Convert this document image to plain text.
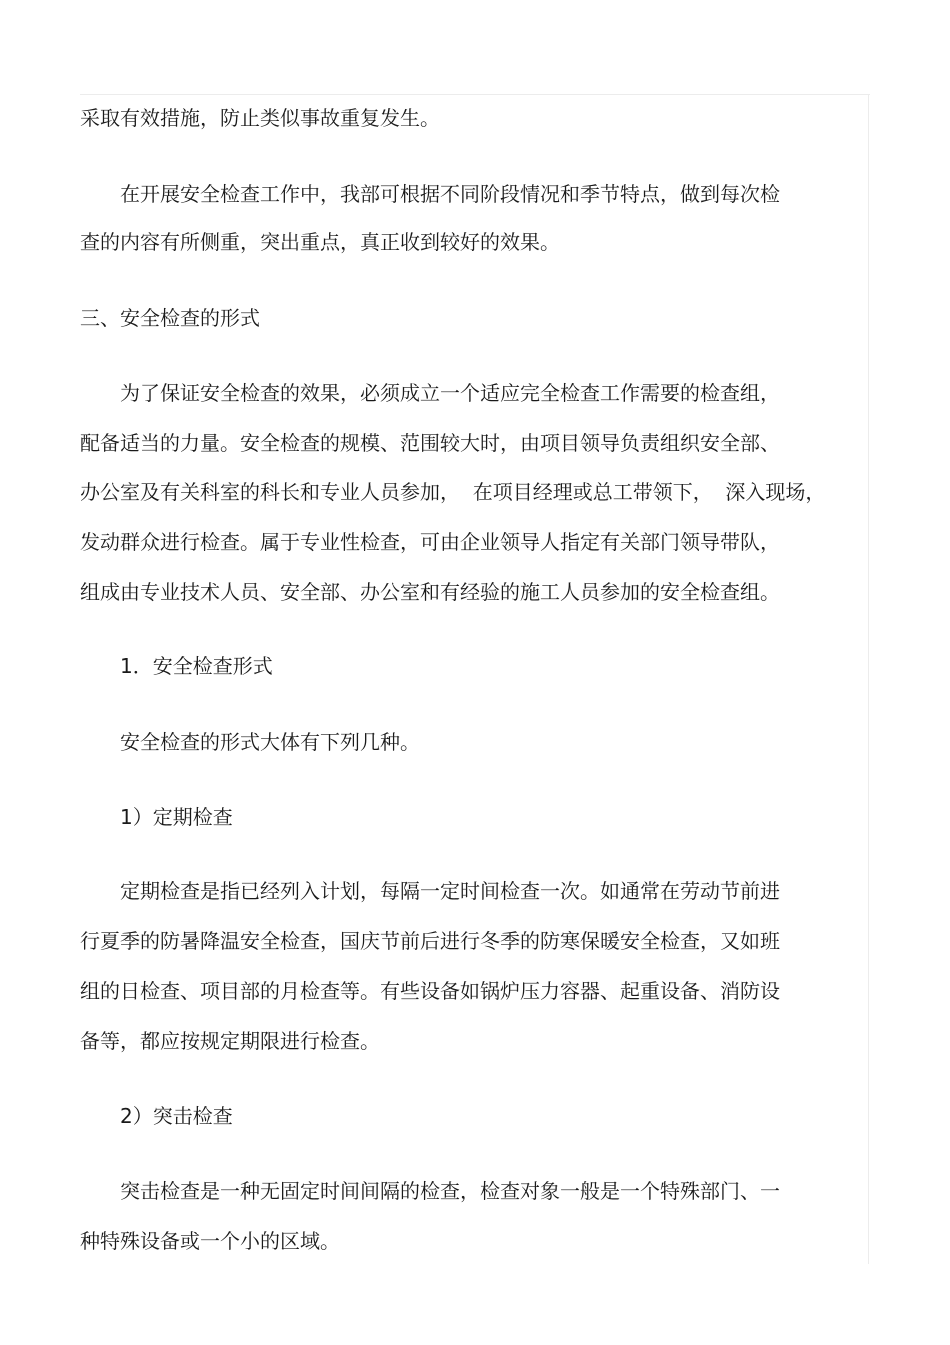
采取有效措施，防止类似事故重复发生。
在开展安全检查工作中，我部可根据不同阶段情况和季节特点，做到每次检
查的内容有所侧重，突出重点，真正收到较好的效果。
三、安全检查的形式
为了保证安全检查的效果，必须成立一个适应完全检查工作需要的检查组，
配备适当的力量。安全检查的规模、范围较大时，由项目领导负责组织安全部、
办公室及有关科室的科长和专业人员参加，  在项目经理或总工带领下，  深入现场，
发动群众进行检查。属于专业性检查，可由企业领导人指定有关部门领导带队，
组成由专业技术人员、安全部、办公室和有经验的施工人员参加的安全检查组。
1．安全检查形式
安全检查的形式大体有下列几种。
1）定期检查
定期检查是指已经列入计划，每隔一定时间检查一次。如通常在劳动节前进
行夏季的防暑降温安全检查，国庆节前后进行冬季的防寒保暖安全检查，又如班
组的日检查、项目部的月检查等。有些设备如锅炉压力容器、起重设备、消防设
备等，都应按规定期限进行检查。
2）突击检查
突击检查是一种无固定时间间隔的检查，检查对象一般是一个特殊部门、一
种特殊设备或一个小的区域。
